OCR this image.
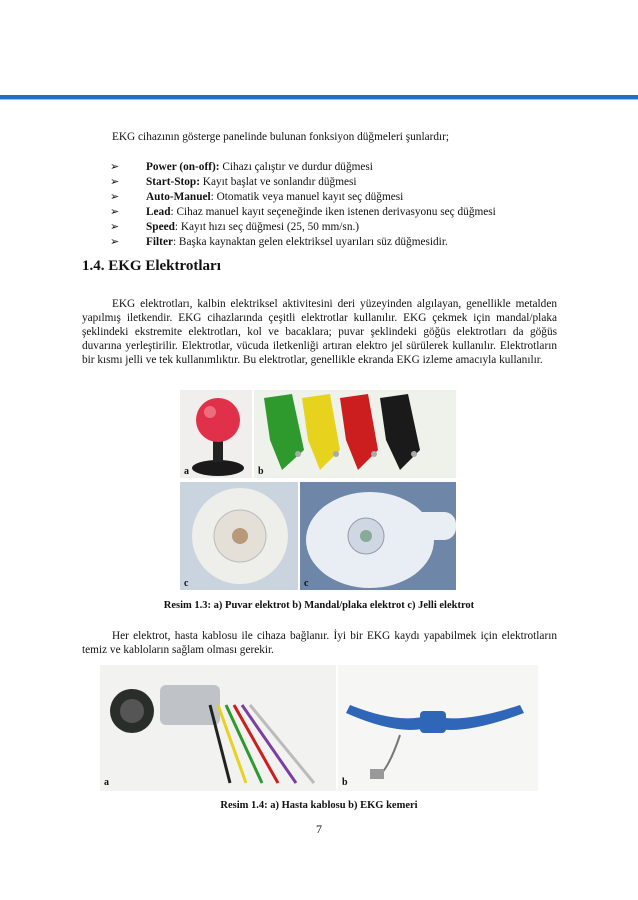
EKG cihazının gösterge panelinde bulunan fonksiyon düğmeleri şunlardır;
➢	Power (on-off): Cihazı çalıştır ve durdur düğmesi
➢	Start-Stop: Kayıt başlat ve sonlandır düğmesi
➢	Auto-Manuel: Otomatik veya manuel kayıt seç düğmesi
➢	Lead: Cihaz manuel kayıt seçeneğinde iken istenen derivasyonu seç düğmesi
➢	Speed: Kayıt hızı seç düğmesi (25, 50 mm/sn.)
➢	Filter: Başka kaynaktan gelen elektriksel uyarıları süz düğmesidir.
1.4. EKG Elektrotları
EKG elektrotları, kalbin elektriksel aktivitesini deri yüzeyinden algılayan, genellikle metalden yapılmış iletkendir. EKG cihazlarında çeşitli elektrotlar kullanılır. EKG çekmek için mandal/plaka şeklindeki ekstremite elektrotları, kol ve bacaklara; puvar şeklindeki göğüs elektrotları da göğüs duvarına yerleştirilir. Elektrotlar, vücuda iletkenliği artıran elektro jel sürülerek kullanılır. Elektrotların bir kısmı jelli ve tek kullanımlıktır. Bu elektrotlar, genellikle ekranda EKG izleme amacıyla kullanılır.
a	b
c	c
Resim 1.3: a) Puvar elektrot b) Mandal/plaka elektrot c) Jelli elektrot
Her elektrot, hasta kablosu ile cihaza bağlanır. İyi bir EKG kaydı yapabilmek için elektrotların temiz ve kabloların sağlam olması gerekir.
a	b
Resim 1.4: a) Hasta kablosu b) EKG kemeri
7
